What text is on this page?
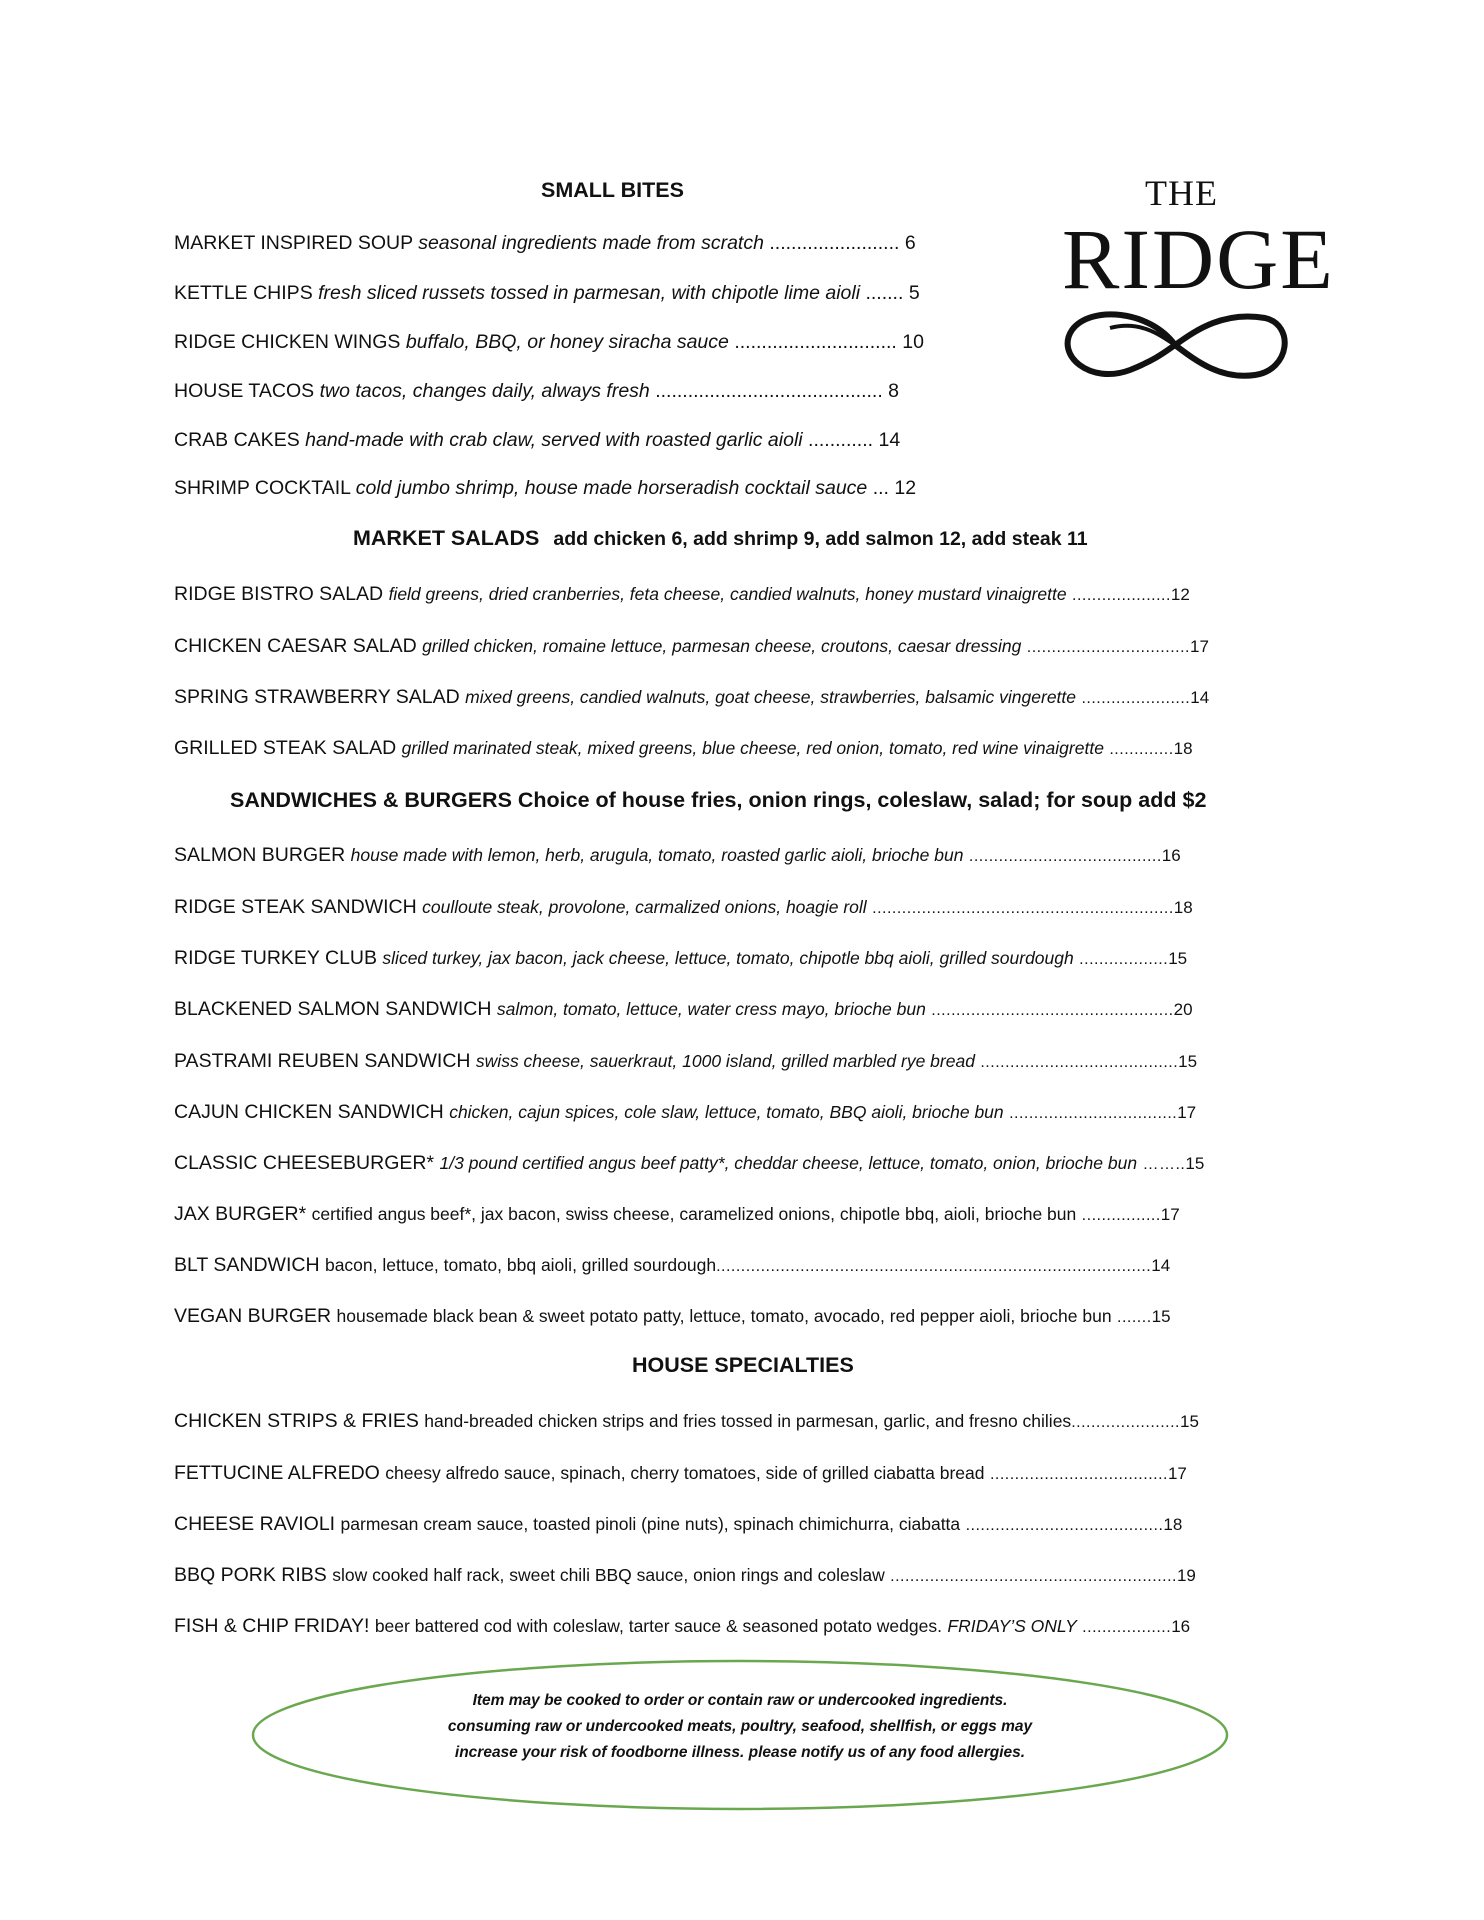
THE
RIDGE
SMALL BITES
MARKET INSPIRED SOUP seasonal ingredients made from scratch ........................ 6
KETTLE CHIPS fresh sliced russets tossed in parmesan, with chipotle lime aioli ....... 5
RIDGE CHICKEN WINGS buffalo, BBQ, or honey siracha sauce .............................. 10
HOUSE TACOS two tacos, changes daily, always fresh .......................................... 8
CRAB CAKES hand-made with crab claw, served with roasted garlic aioli ............ 14
SHRIMP COCKTAIL cold jumbo shrimp, house made horseradish cocktail sauce ... 12
MARKET SALADS add chicken 6, add shrimp 9, add salmon 12, add steak 11
RIDGE BISTRO SALAD field greens, dried cranberries, feta cheese, candied walnuts, honey mustard vinaigrette ....................12
CHICKEN CAESAR SALAD grilled chicken, romaine lettuce, parmesan cheese, croutons, caesar dressing .................................17
SPRING STRAWBERRY SALAD mixed greens, candied walnuts, goat cheese, strawberries, balsamic vingerette ......................14
GRILLED STEAK SALAD grilled marinated steak, mixed greens, blue cheese, red onion, tomato, red wine vinaigrette .............18
SANDWICHES & BURGERS Choice of house fries, onion rings, coleslaw, salad; for soup add $2
SALMON BURGER house made with lemon, herb, arugula, tomato, roasted garlic aioli, brioche bun .......................................16
RIDGE STEAK SANDWICH coulloute steak, provolone, carmalized onions, hoagie roll .............................................................18
RIDGE TURKEY CLUB sliced turkey, jax bacon, jack cheese, lettuce, tomato, chipotle bbq aioli, grilled sourdough ..................15
BLACKENED SALMON SANDWICH salmon, tomato, lettuce, water cress mayo, brioche bun .................................................20
PASTRAMI REUBEN SANDWICH swiss cheese, sauerkraut, 1000 island, grilled marbled rye bread ........................................15
CAJUN CHICKEN SANDWICH chicken, cajun spices, cole slaw, lettuce, tomato, BBQ aioli, brioche bun ..................................17
CLASSIC CHEESEBURGER* 1/3 pound certified angus beef patty*, cheddar cheese, lettuce, tomato, onion, brioche bun ……..15
JAX BURGER* certified angus beef*, jax bacon, swiss cheese, caramelized onions, chipotle bbq, aioli, brioche bun ................17
BLT SANDWICH bacon, lettuce, tomato, bbq aioli, grilled sourdough........................................................................................14
VEGAN BURGER housemade black bean & sweet potato patty, lettuce, tomato, avocado, red pepper aioli, brioche bun .......15
HOUSE SPECIALTIES
CHICKEN STRIPS & FRIES hand-breaded chicken strips and fries tossed in parmesan, garlic, and fresno chilies......................15
FETTUCINE ALFREDO cheesy alfredo sauce, spinach, cherry tomatoes, side of grilled ciabatta bread ....................................17
CHEESE RAVIOLI parmesan cream sauce, toasted pinoli (pine nuts), spinach chimichurra, ciabatta ........................................18
BBQ PORK RIBS slow cooked half rack, sweet chili BBQ sauce, onion rings and coleslaw ..........................................................19
FISH & CHIP FRIDAY! beer battered cod with coleslaw, tarter sauce & seasoned potato wedges. FRIDAY’S ONLY ..................16
Item may be cooked to order or contain raw or undercooked ingredients.
consuming raw or undercooked meats, poultry, seafood, shellfish, or eggs may
increase your risk of foodborne illness. please notify us of any food allergies.
